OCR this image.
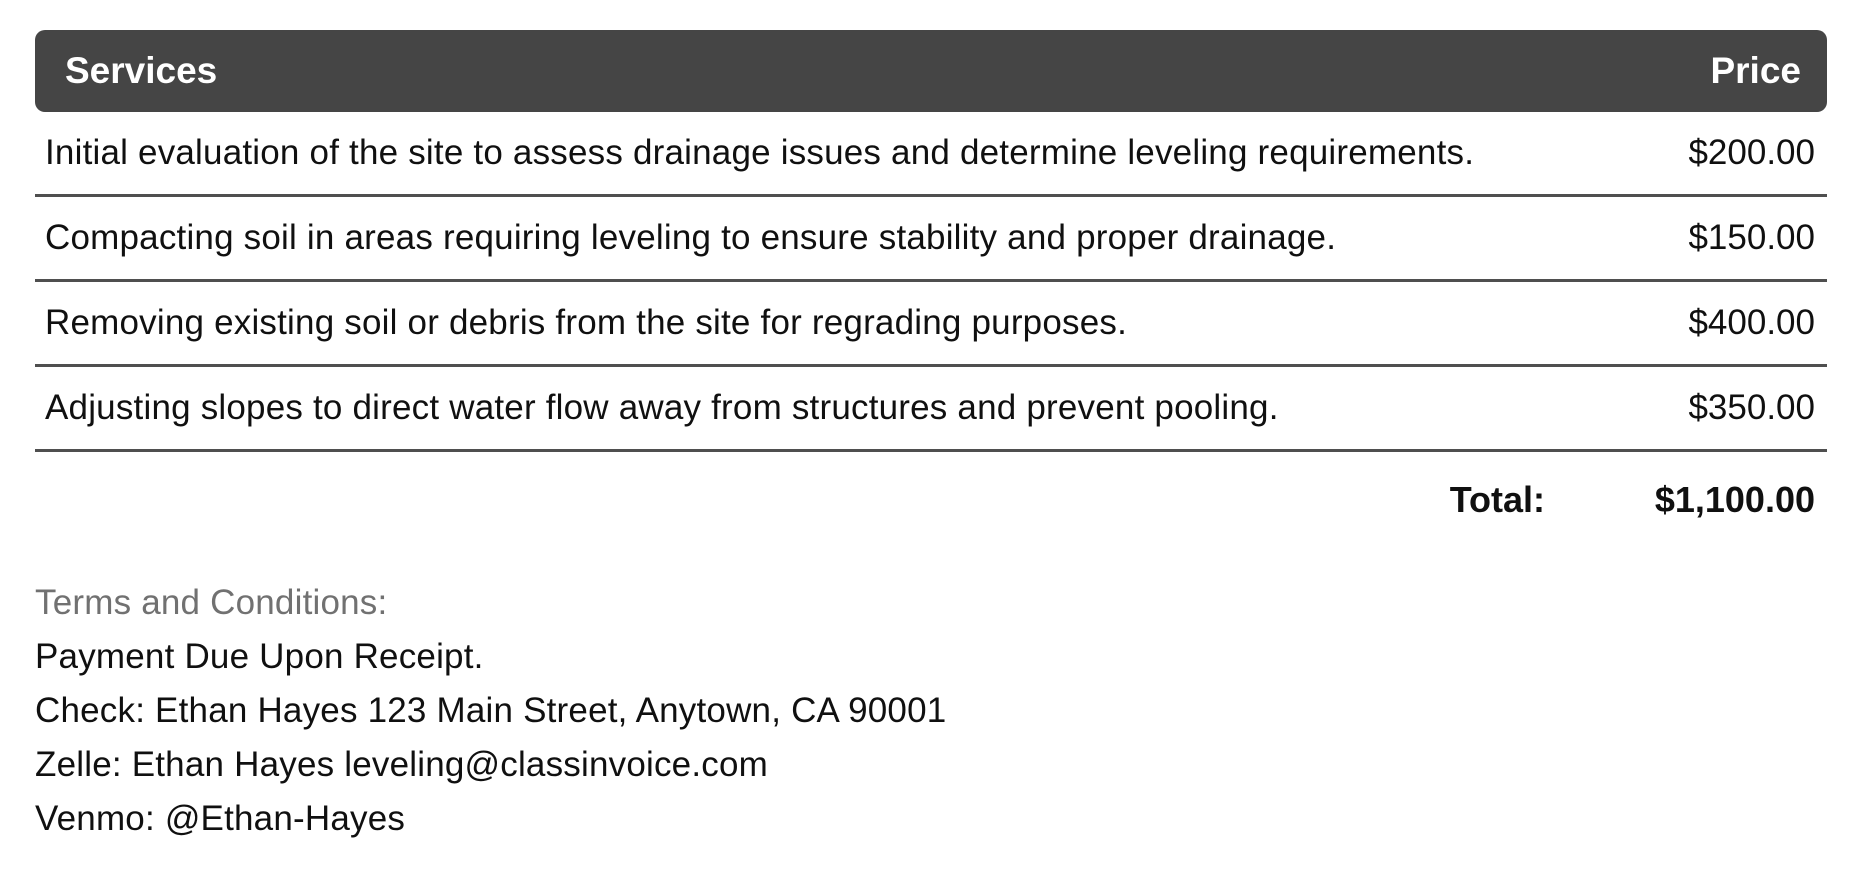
Services	Price
Initial evaluation of the site to assess drainage issues and determine leveling requirements.	$200.00
Compacting soil in areas requiring leveling to ensure stability and proper drainage.	$150.00
Removing existing soil or debris from the site for regrading purposes.	$400.00
Adjusting slopes to direct water flow away from structures and prevent pooling.	$350.00
Total:	$1,100.00
Terms and Conditions:
Payment Due Upon Receipt.
Check: Ethan Hayes 123 Main Street, Anytown, CA 90001
Zelle: Ethan Hayes leveling@classinvoice.com
Venmo: @Ethan-Hayes
